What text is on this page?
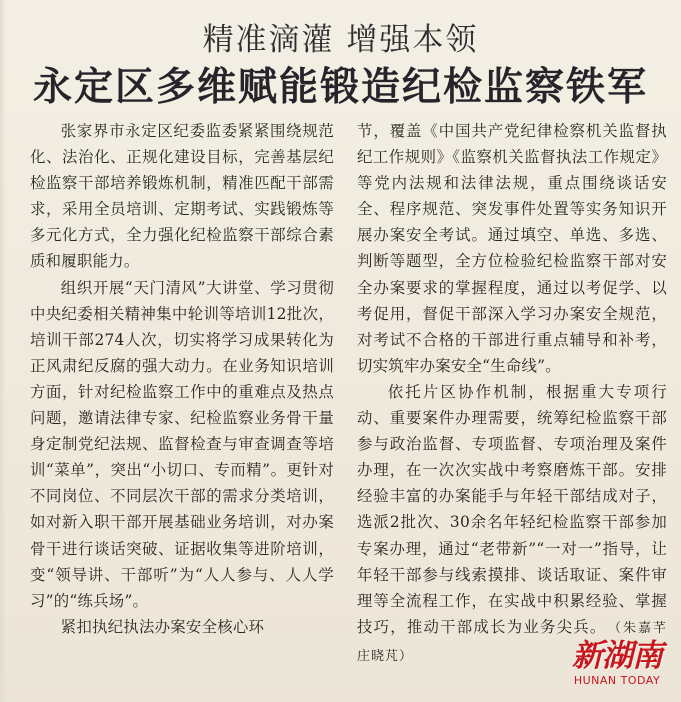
精准滴灌 增强本领
永定区多维赋能锻造纪检监察铁军

张家界市永定区纪委监委紧紧围绕规范化、法治化、正规化建设目标，完善基层纪检监察干部培养锻炼机制，精准匹配干部需求，采用全员培训、定期考试、实践锻炼等多元化方式，全力强化纪检监察干部综合素质和履职能力。

组织开展“天门清风”大讲堂、学习贯彻中央纪委相关精神集中轮训等培训12批次，培训干部274人次，切实将学习成果转化为正风肃纪反腐的强大动力。在业务知识培训方面，针对纪检监察工作中的重难点及热点问题，邀请法律专家、纪检监察业务骨干量身定制党纪法规、监督检查与审查调查等培训“菜单”，突出“小切口、专而精”。更针对不同岗位、不同层次干部的需求分类培训，如对新入职干部开展基础业务培训，对办案骨干进行谈话突破、证据收集等进阶培训，变“领导讲、干部听”为“人人参与、人人学习”的“练兵场”。

紧扣执纪执法办案安全核心环

节，覆盖《中国共产党纪律检察机关监督执纪工作规则》《监察机关监督执法工作规定》等党内法规和法律法规，重点围绕谈话安全、程序规范、突发事件处置等实务知识开展办案安全考试。通过填空、单选、多选、判断等题型，全方位检验纪检监察干部对安全办案要求的掌握程度，通过以考促学、以考促用，督促干部深入学习办案安全规范，对考试不合格的干部进行重点辅导和补考，切实筑牢办案安全“生命线”。

依托片区协作机制，根据重大专项行动、重要案件办理需要，统筹纪检监察干部参与政治监督、专项监督、专项治理及案件办理，在一次次实战中考察磨炼干部。安排经验丰富的办案能手与年轻干部结成对子，选派2批次、30余名年轻纪检监察干部参加专案办理，通过“老带新”“一对一”指导，让年轻干部参与线索摸排、谈话取证、案件审理等全流程工作，在实战中积累经验、掌握技巧，推动干部成长为业务尖兵。 （朱嘉芊 庄晓芃）	新湖南
HUNAN TODAY
